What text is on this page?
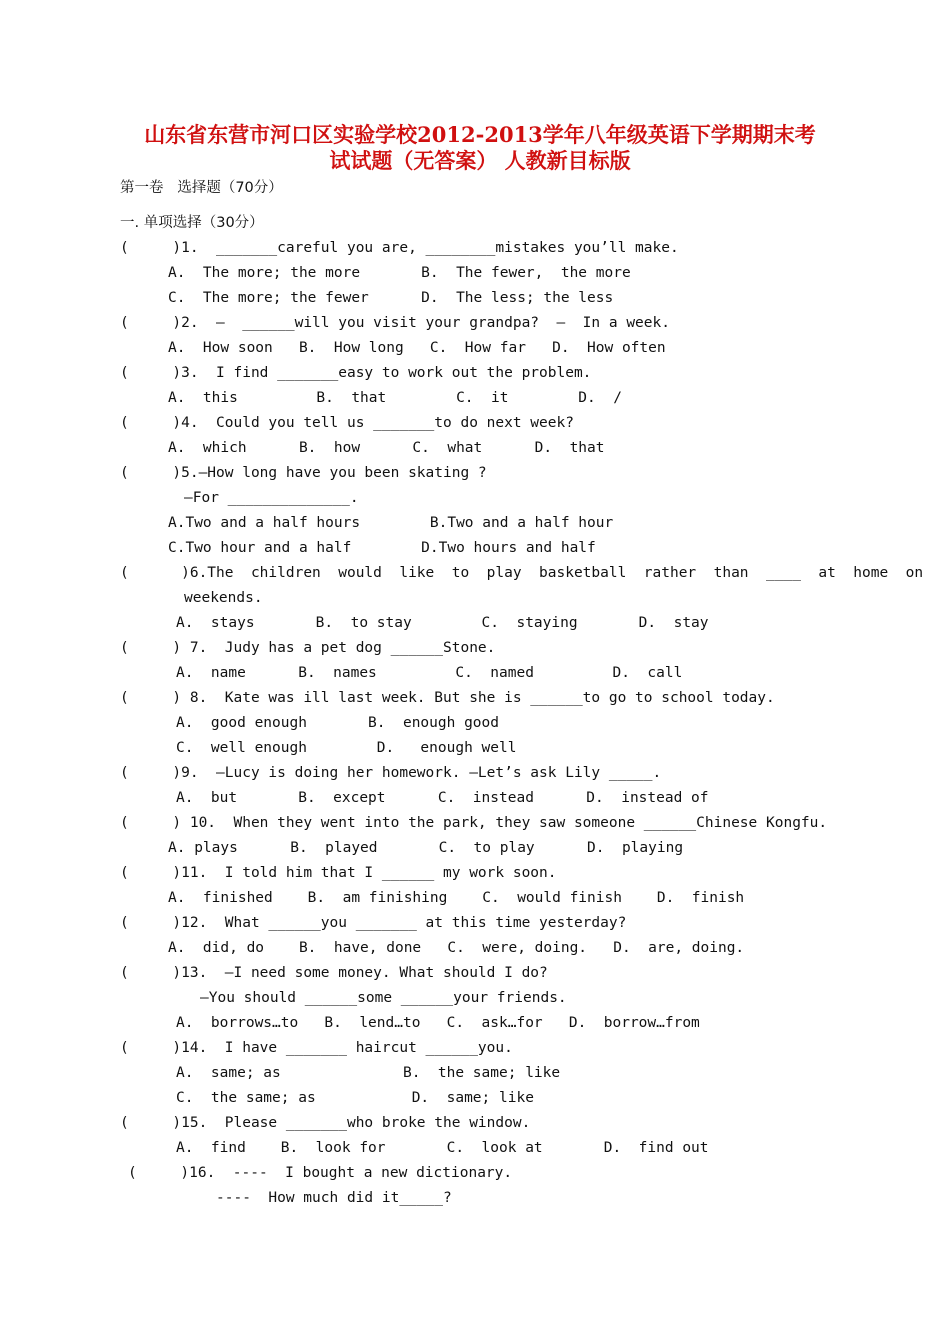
山东省东营市河口区实验学校2012-2013学年八年级英语下学期期末考
试试题（无答案） 人教新目标版
第一卷   选择题（70分）
一. 单项选择（30分）
(     )1.  _______careful you are, ________mistakes you’ll make.
A.  The more; the more       B.  The fewer,  the more
C.  The more; the fewer      D.  The less; the less
(     )2.  —  ______will you visit your grandpa?  —  In a week.
A.  How soon   B.  How long   C.  How far   D.  How often
(     )3.  I find _______easy to work out the problem.
A.  this         B.  that        C.  it        D.  /
(     )4.  Could you tell us _______to do next week?
A.  which      B.  how      C.  what      D.  that
(     )5.—How long have you been skating ?
—For ______________.
A.Two and a half hours        B.Two and a half hour
C.Two hour and a half        D.Two hours and half
(      )6.The  children  would  like  to  play  basketball  rather  than  ____  at  home  on
weekends.
A.  stays       B.  to stay        C.  staying       D.  stay
(     ) 7.  Judy has a pet dog ______Stone.
A.  name      B.  names         C.  named         D.  call
(     ) 8.  Kate was ill last week. But she is ______to go to school today.
A.  good enough       B.  enough good
C.  well enough        D.   enough well
(     )9.  —Lucy is doing her homework. —Let’s ask Lily _____.
A.  but       B.  except      C.  instead      D.  instead of
(     ) 10.  When they went into the park, they saw someone ______Chinese Kongfu.
A. plays      B.  played       C.  to play      D.  playing
(     )11.  I told him that I ______ my work soon.
A.  finished    B.  am finishing    C.  would finish    D.  finish
(     )12.  What ______you _______ at this time yesterday?
A.  did, do    B.  have, done   C.  were, doing.   D.  are, doing.
(     )13.  —I need some money. What should I do?
—You should ______some ______your friends.
A.  borrows…to   B.  lend…to   C.  ask…for   D.  borrow…from
(     )14.  I have _______ haircut ______you.
A.  same; as              B.  the same; like
C.  the same; as           D.  same; like
(     )15.  Please _______who broke the window.
A.  find    B.  look for       C.  look at       D.  find out
(     )16.  ----  I bought a new dictionary.
----  How much did it_____?
